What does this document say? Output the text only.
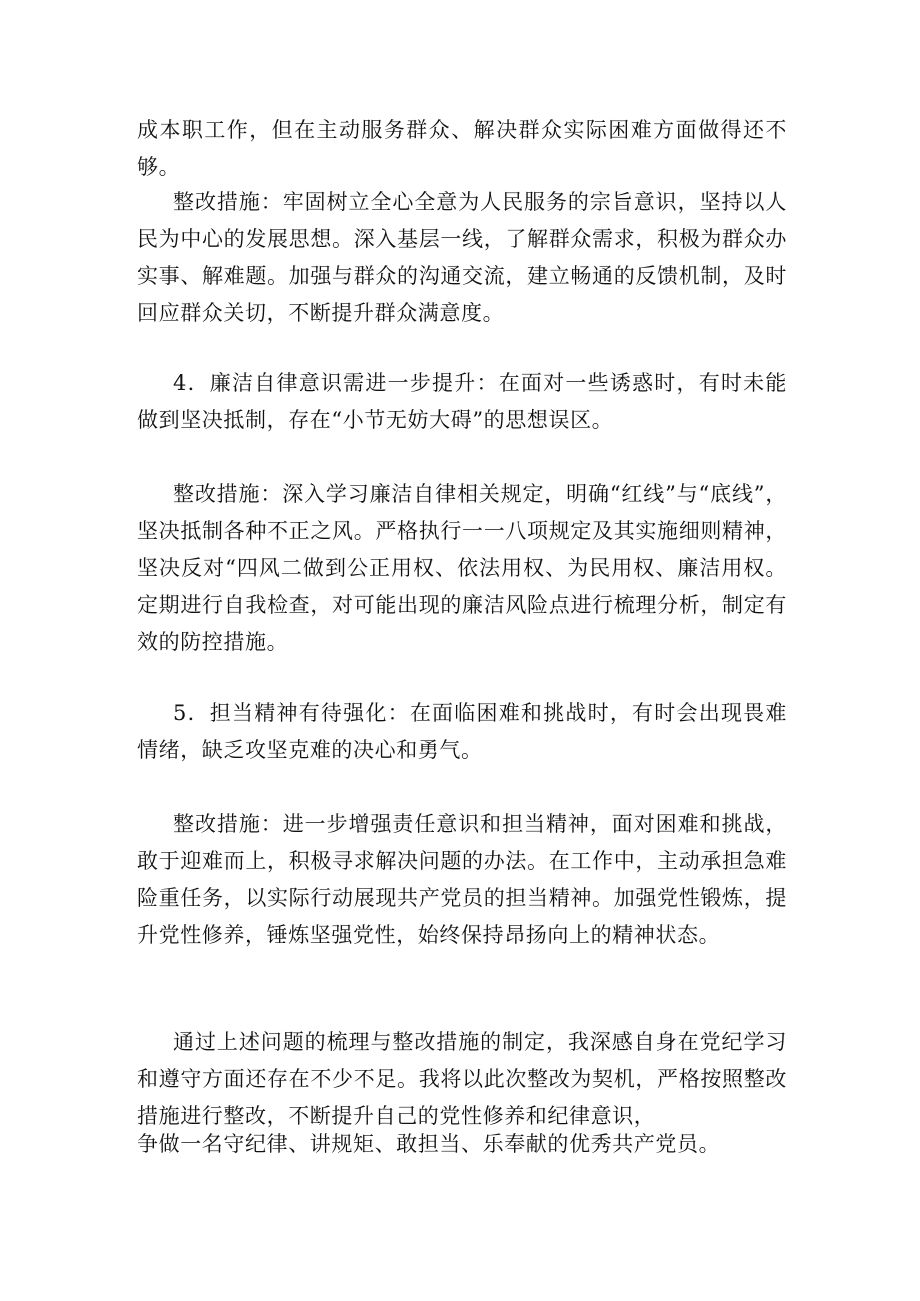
成本职工作，但在主动服务群众、解决群众实际困难方面做得还不够。

整改措施：牢固树立全心全意为人民服务的宗旨意识，坚持以人民为中心的发展思想。深入基层一线，了解群众需求，积极为群众办实事、解难题。加强与群众的沟通交流，建立畅通的反馈机制，及时回应群众关切，不断提升群众满意度。

4．廉洁自律意识需进一步提升：在面对一些诱惑时，有时未能做到坚决抵制，存在“小节无妨大碍”的思想误区。

整改措施：深入学习廉洁自律相关规定，明确“红线”与“底线”，坚决抵制各种不正之风。严格执行一一八项规定及其实施细则精神，坚决反对“四风二做到公正用权、依法用权、为民用权、廉洁用权。定期进行自我检查，对可能出现的廉洁风险点进行梳理分析，制定有效的防控措施。

5．担当精神有待强化：在面临困难和挑战时，有时会出现畏难情绪，缺乏攻坚克难的决心和勇气。

整改措施：进一步增强责任意识和担当精神，面对困难和挑战，敢于迎难而上，积极寻求解决问题的办法。在工作中，主动承担急难险重任务，以实际行动展现共产党员的担当精神。加强党性锻炼，提升党性修养，锤炼坚强党性，始终保持昂扬向上的精神状态。

通过上述问题的梳理与整改措施的制定，我深感自身在党纪学习和遵守方面还存在不少不足。我将以此次整改为契机，严格按照整改措施进行整改，不断提升自己的党性修养和纪律意识，

争做一名守纪律、讲规矩、敢担当、乐奉献的优秀共产党员。
